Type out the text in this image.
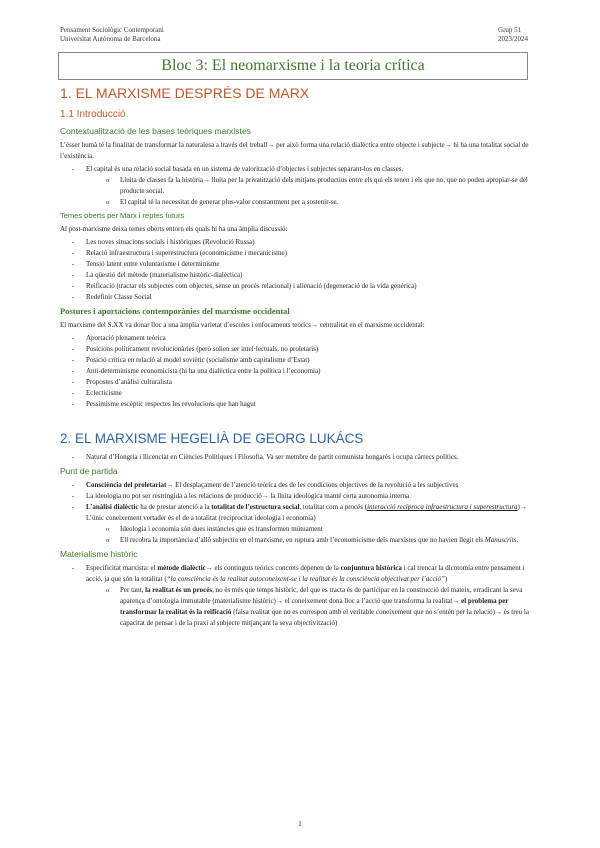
Pensament Sociològic Contemporani
Universitat Autònoma de Barcelona
Grup 51
2023/2024
Bloc 3: El neomarxisme i la teoria crítica
1. EL MARXISME DESPRÉS DE MARX
1.1 Introducció
Contextualització de les bases teòriques marxistes

L’ésser humà té la finalitat de transformar la naturalesa a través del treball→ per això forma una relació dialèctica entre objecte i subjecte→ hi ha una totalitat social de l’existència.

- El capital és una relació social basada en un sistema de valorització d’objectes i subjectes separant-los en classes.
o Lluita de classes fa la història→ lluita per la privatització dels mitjans productius entre els qui els tenen i els que no, que no poden apropiar-se del producte social.
o El capital té la necessitat de generar plus-valor constantment per a sostenir-se.
Temes oberts per Marx i reptes futurs

Al post-marxisme deixa temes oberts entorn els quals hi ha una àmplia discussió:

- Les noves situacions socials i històriques (Revolució Russa)
- Relació infraestructura i superestructura (economicisme i mecanicisme)
- Tensió latent entre voluntarisme i determinisme
- La qüestió del mètode (materialisme històric-dialèctica)
- Reificació (tractar els subjectes com objectes, sense un procés relacional) i alienació (degeneració de la vida genèrica)
- Redefinir Classe Social
Postures i aportacions contemporànies del marxisme occidental

El marxisme del S.XX va donar lloc a una àmplia varietat d’escoles i enfocaments teòrics→ centralitat en el marxisme occidental:

- Aportació plenament teòrica
- Posicions políticament revolucionàries (però solien ser intel·lectuals, no proletaris)
- Posició crítica en relació al model soviètic (socialisme amb capitalisme d’Estat)
- Anti-determinisme economicista (hi ha una dialèctica entre la política i l’economia)
- Propostes d’anàlisi culturalista
- Eclecticisme
- Pessimisme escèptic respectes les revolucions que han hagut
2. EL MARXISME HEGELIÀ DE GEORG LUKÁCS
- Natural d’Hongria i llicenciat en Ciències Polítiques i Filosofia. Va ser membre de partit comunista hongarès i ocupa càrrecs polítics.
Punt de partida
- Consciència del proletariat→ El desplaçament de l’atenció teòrica des de les condicions objectives de la revolució a les subjectives
- La ideologia no pot ser restringida a les relacions de producció→ la lluita ideològica manté certa autonomia interna
- L’anàlisi dialèctic ha de prestar atenció a la totalitat de l’estructura social, totalitat com a procés (interacció recíproca infraestructura i superestructura)→ L’únic coneixement vertader és el de a totalitat (reciprocitat ideologia i economia)
o Ideologia i economia són dues instàncies que es transformen mútuament
o Ell recobra la importància d’allò subjectiu en el marxisme, en ruptura amb l’economicisme dels marxistes que no havien llegit els Manuscrits.
Materialisme històric
- Especificitat marxista: el mètode dialèctic→ els continguts teòrics concrets depenen de la conjuntura històrica i cal trencar la dicotomia entre pensament i acció, ja que són la totalitat (“la consciència és la realitat autoconeixent-se i la realitat és la consciència objectivat per l’acció”)
o Per tant, la realitat és un procés, no és més que temps històric, del que es tracta és de participar en la construcció del mateix, erradicant la seva aparença d’ontologia immutable (materialisme històric)→ el coneixement dona lloc a l’acció que transforma la realitat→ el problema per transformar la realitat és la reificació (falsa realitat que no es correspon amb el veritable coneixement que no s’entén per la relació)→ és treu la capacitat de pensar i de la praxi al subjecte mitjançant la seva objectivització)
1
